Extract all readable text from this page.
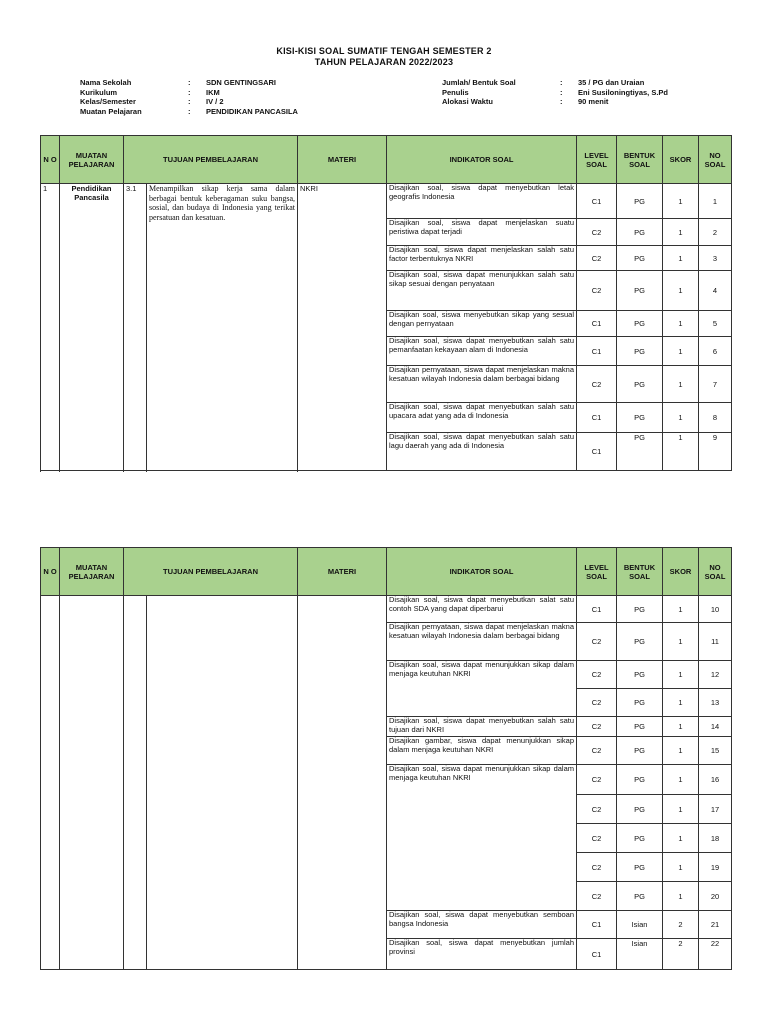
KISI-KISI SOAL SUMATIF TENGAH SEMESTER 2
TAHUN PELAJARAN 2022/2023
Nama Sekolah	:	SDN GENTINGSARI
Kurikulum	:	IKM
Kelas/Semester	:	IV / 2
Muatan Pelajaran	:	PENDIDIKAN PANCASILA
Jumlah/ Bentuk Soal	:	35 / PG dan Uraian
Penulis	:	Eni Susiloningtiyas, S.Pd
Alokasi Waktu	:	90 menit
N O	MUATAN PELAJARAN	TUJUAN PEMBELAJARAN		MATERI	INDIKATOR SOAL	LEVEL SOAL	BENTUK SOAL	SKOR	NO SOAL
1	Pendidikan Pancasila	3.1	Menampilkan sikap kerja sama dalam berbagai bentuk keberagaman suku bangsa, sosial, dan budaya di Indonesia yang terikat persatuan dan kesatuan.	NKRI	Disajikan soal, siswa dapat menyebutkan letak geografis Indonesia	C1	PG	1	1
					Disajikan soal, siswa dapat menjelaskan suatu peristiwa dapat terjadi	C2	PG	1	2
					Disajikan soal, siswa dapat menjelaskan salah satu factor terbentuknya NKRI	C2	PG	1	3
					Disajikan soal, siswa dapat menunjukkan salah satu sikap sesuai dengan penyataan	C2	PG	1	4
					Disajikan soal, siswa menyebutkan sikap yang sesual dengan pernyataan	C1	PG	1	5
					Disajikan soal, siswa dapat menyebutkan salah satu pemanfaatan kekayaan alam di Indonesia	C1	PG	1	6
					Disajikan pernyataan, siswa dapat menjelaskan makna kesatuan wilayah Indonesia dalam berbagai bidang	C2	PG	1	7
					Disajikan soal, siswa dapat menyebutkan salah satu upacara adat yang ada di Indonesia	C1	PG	1	8
					Disajikan soal, siswa dapat menyebutkan salah satu lagu daerah yang ada di Indonesia	C1	PG	1	9

N O	MUATAN PELAJARAN	TUJUAN PEMBELAJARAN		MATERI	INDIKATOR SOAL	LEVEL SOAL	BENTUK SOAL	SKOR	NO SOAL
					Disajikan soal, siswa dapat menyebutkan salat satu contoh SDA yang dapat diperbarui	C1	PG	1	10
					Disajikan pernyataan, siswa dapat menjelaskan makna kesatuan wilayah Indonesia dalam berbagai bidang	C2	PG	1	11
					Disajikan soal, siswa dapat menunjukkan sikap dalam menjaga keutuhan NKRI	C2	PG	1	12
						C2	PG	1	13
					Disajikan soal, siswa dapat menyebutkan salah satu tujuan dari NKRI	C2	PG	1	14
					Disajikan gambar, siswa dapat menunjukkan sikap dalam menjaga keutuhan NKRI	C2	PG	1	15
					Disajikan soal, siswa dapat menunjukkan sikap dalam menjaga keutuhan NKRI	C2	PG	1	16
						C2	PG	1	17
						C2	PG	1	18
						C2	PG	1	19
						C2	PG	1	20
					Disajikan soal, siswa dapat menyebutkan semboan bangsa Indonesia	C1	Isian	2	21
					Disajikan soal, siswa dapat menyebutkan jumlah provinsi	C1	Isian	2	22
